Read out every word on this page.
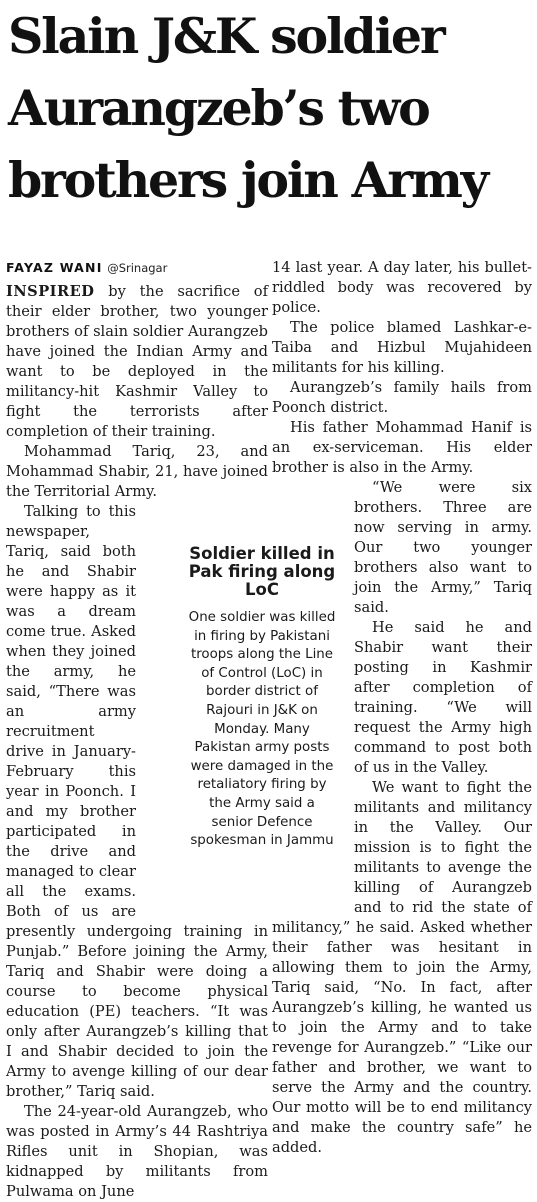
Slain J&K soldier Aurangzeb’s two brothers join Army
FAYAZ WANI @Srinagar

INSPIRED by the sacrifice of their elder brother, two younger brothers of slain soldier Aurangzeb have joined the Indian Army and want to be deployed in the militancy-hit Kashmir Valley to fight the terrorists after completion of their training.

Mohammad Tariq, 23, and Mohammad Shabir, 21, have joined the Territorial Army.

Talking to this newspaper, Tariq, said both he and Shabir were happy as it was a dream come true. Asked when they joined the army, he said, “There was an army recruitment drive in January-February this year in Poonch. I and my brother participated in the drive and managed to clear all the exams. Both of us are presently undergoing training in Punjab.” Before joining the Army, Tariq and Shabir were doing a course to become physical education (PE) teachers. “It was only after Aurangzeb’s killing that I and Shabir decided to join the Army to avenge killing of our dear brother,” Tariq said.

The 24-year-old Aurangzeb, who was posted in Army’s 44 Rashtriya Rifles unit in Shopian, was kidnapped by militants from Pulwama on June

14 last year. A day later, his bullet-riddled body was recovered by police.

The police blamed Lashkar-e-Taiba and Hizbul Mujahideen militants for his killing.

Aurangzeb’s family hails from Poonch district.

His father Mohammad Hanif is an ex-serviceman. His elder brother is also in the Army.

“We were six brothers. Three are now serving in army. Our two younger brothers also want to join the Army,” Tariq said.

He said he and Shabir want their posting in Kashmir after completion of training. “We will request the Army high command to post both of us in the Valley.

We want to fight the militants and militancy in the Valley. Our mission is to fight the militants to avenge the killing of Aurangzeb and to rid the state of militancy,” he said. Asked whether their father was hesitant in allowing them to join the Army, Tariq said, “No. In fact, after Aurangzeb’s killing, he wanted us to join the Army and to take revenge for Aurangzeb.” “Like our father and brother, we want to serve the Army and the country. Our motto will be to end militancy and make the country safe” he added.

Soldier killed in Pak firing along LoC

One soldier was killed in firing by Pakistani troops along the Line of Control (LoC) in border district of Rajouri in J&K on Monday. Many Pakistan army posts were damaged in the retaliatory firing by the Army said a senior Defence spokesman in Jammu
